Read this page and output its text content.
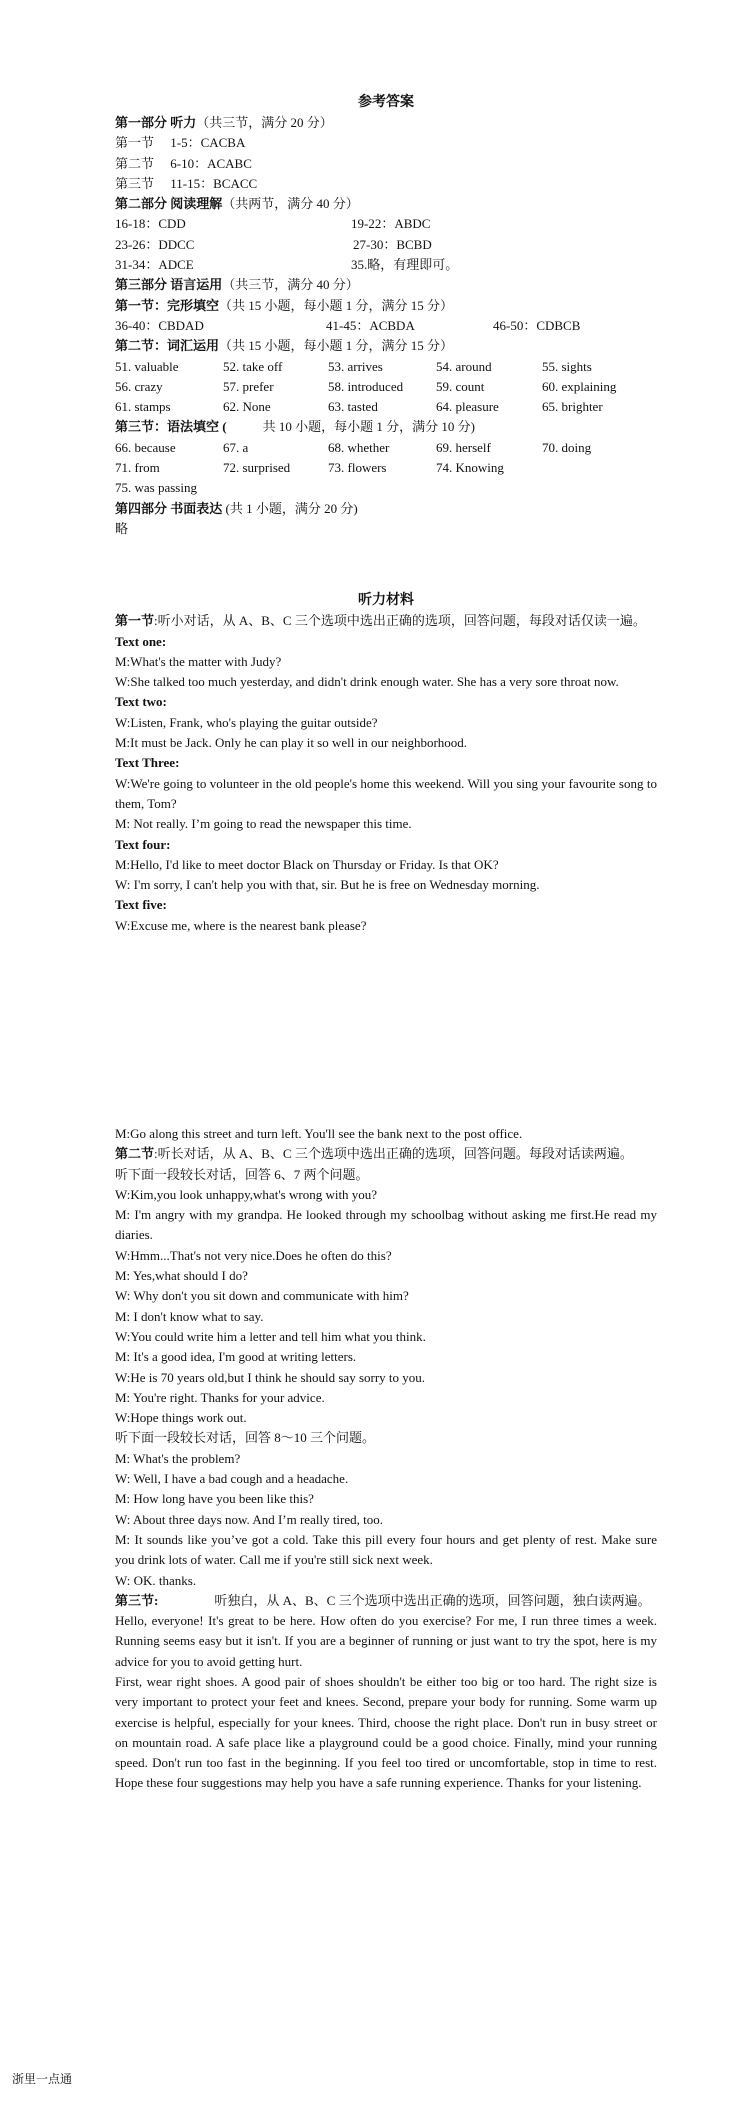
参考答案
第一部分 听力（共三节，满分 20 分）
第一节　 1-5：CACBA
第二节　 6-10：ACABC
第三节　 11-15：BCACC
第二部分 阅读理解（共两节，满分 40 分）
16-18：CDD	19-22：ABDC
23-26：DDCC	27-30：BCBD
31-34：ADCE	35.略，有理即可。
第三部分 语言运用（共三节，满分 40 分）
第一节：完形填空（共 15 小题，每小题 1 分，满分 15 分）
36-40：CBDAD	41-45：ACBDA	46-50：CDBCB
第二节：词汇运用（共 15 小题，每小题 1 分，满分 15 分）
51. valuable	52. take off	53. arrives	54. around	55. sights
56. crazy	57. prefer	58. introduced	59. count	60. explaining
61. stamps	62. None	63. tasted	64. pleasure	65. brighter
第三节：语法填空 (	共 10 小题，每小题 1 分，满分 10 分)
66. because	67. a	68. whether	69. herself	70. doing
71. from	72. surprised	73. flowers	74. Knowing
75. was passing
第四部分 书面表达 (共 1 小题，满分 20 分)
略
听力材料
第一节:听小对话，从 A、B、C 三个选项中选出正确的选项，回答问题，每段对话仅读一遍。
Text one:
M:What's the matter with Judy?
W:She talked too much yesterday, and didn't drink enough water. She has a very sore throat now.
Text two:
W:Listen, Frank, who's playing the guitar outside?
M:It must be Jack. Only he can play it so well in our neighborhood.
Text Three:
W:We're going to volunteer in the old people's home this weekend. Will you sing your favourite song to them, Tom?
M: Not really. I’m going to read the newspaper this time.
Text four:
M:Hello, I'd like to meet doctor Black on Thursday or Friday. Is that OK?
W: I'm sorry, I can't help you with that, sir. But he is free on Wednesday morning.
Text five:
W:Excuse me, where is the nearest bank please?
M:Go along this street and turn left. You'll see the bank next to the post office.
第二节:听长对话，从 A、B、C 三个选项中选出正确的选项，回答问题。每段对话读两遍。
听下面一段较长对话，回答 6、7 两个问题。
W:Kim,you look unhappy,what's wrong with you?
M: I'm angry with my grandpa. He looked through my schoolbag without asking me first.He read my diaries.
W:Hmm...That's not very nice.Does he often do this?
M: Yes,what should I do?
W: Why don't you sit down and communicate with him?
M: I don't know what to say.
W:You could write him a letter and tell him what you think.
M: It's a good idea, I'm good at writing letters.
W:He is 70 years old,but I think he should say sorry to you.
M: You're right. Thanks for your advice.
W:Hope things work out.
听下面一段较长对话，回答 8～10 三个问题。
M: What's the problem?
W: Well, I have a bad cough and a headache.
M: How long have you been like this?
W: About three days now. And I’m really tired, too.
M: It sounds like you’ve got a cold. Take this pill every four hours and get plenty of rest. Make sure you drink lots of water. Call me if you're still sick next week.
W: OK. thanks.
第三节:	听独白，从 A、B、C 三个选项中选出正确的选项，回答问题，独白读两遍。
Hello, everyone! It's great to be here. How often do you exercise? For me, I run three times a week. Running seems easy but it isn't. If you are a beginner of running or just want to try the spot, here is my advice for you to avoid getting hurt.
First, wear right shoes. A good pair of shoes shouldn't be either too big or too hard. The right size is very important to protect your feet and knees. Second, prepare your body for running. Some warm up exercise is helpful, especially for your knees. Third, choose the right place. Don't run in busy street or on mountain road. A safe place like a playground could be a good choice. Finally, mind your running speed. Don't run too fast in the beginning. If you feel too tired or uncomfortable, stop in time to rest. Hope these four suggestions may help you have a safe running experience. Thanks for your listening.
浙里一点通
